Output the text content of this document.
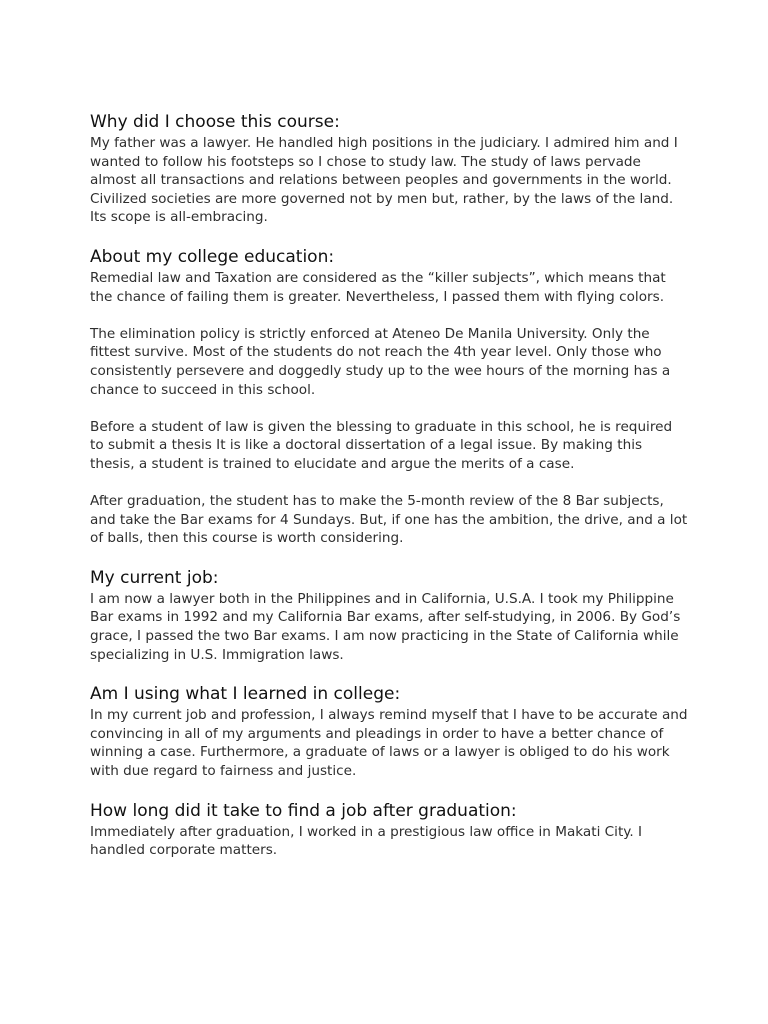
Why did I choose this course:

My father was a lawyer. He handled high positions in the judiciary. I admired him and I wanted to follow his footsteps so I chose to study law. The study of laws pervade almost all transactions and relations between peoples and governments in the world. Civilized societies are more governed not by men but, rather, by the laws of the land. Its scope is all-embracing.

About my college education:

Remedial law and Taxation are considered as the “killer subjects”, which means that the chance of failing them is greater. Nevertheless, I passed them with flying colors.

The elimination policy is strictly enforced at Ateneo De Manila University. Only the fittest survive. Most of the students do not reach the 4th year level. Only those who consistently persevere and doggedly study up to the wee hours of the morning has a chance to succeed in this school.

Before a student of law is given the blessing to graduate in this school, he is required to submit a thesis It is like a doctoral dissertation of a legal issue. By making this thesis, a student is trained to elucidate and argue the merits of a case.

After graduation, the student has to make the 5-month review of the 8 Bar subjects, and take the Bar exams for 4 Sundays. But, if one has the ambition, the drive, and a lot of balls, then this course is worth considering.

My current job:

I am now a lawyer both in the Philippines and in California, U.S.A. I took my Philippine Bar exams in 1992 and my California Bar exams, after self-studying, in 2006. By God’s grace, I passed the two Bar exams. I am now practicing in the State of California while specializing in U.S. Immigration laws.

Am I using what I learned in college:

In my current job and profession, I always remind myself that I have to be accurate and convincing in all of my arguments and pleadings in order to have a better chance of winning a case. Furthermore, a graduate of laws or a lawyer is obliged to do his work with due regard to fairness and justice.

How long did it take to find a job after graduation:

Immediately after graduation, I worked in a prestigious law office in Makati City. I handled corporate matters.
